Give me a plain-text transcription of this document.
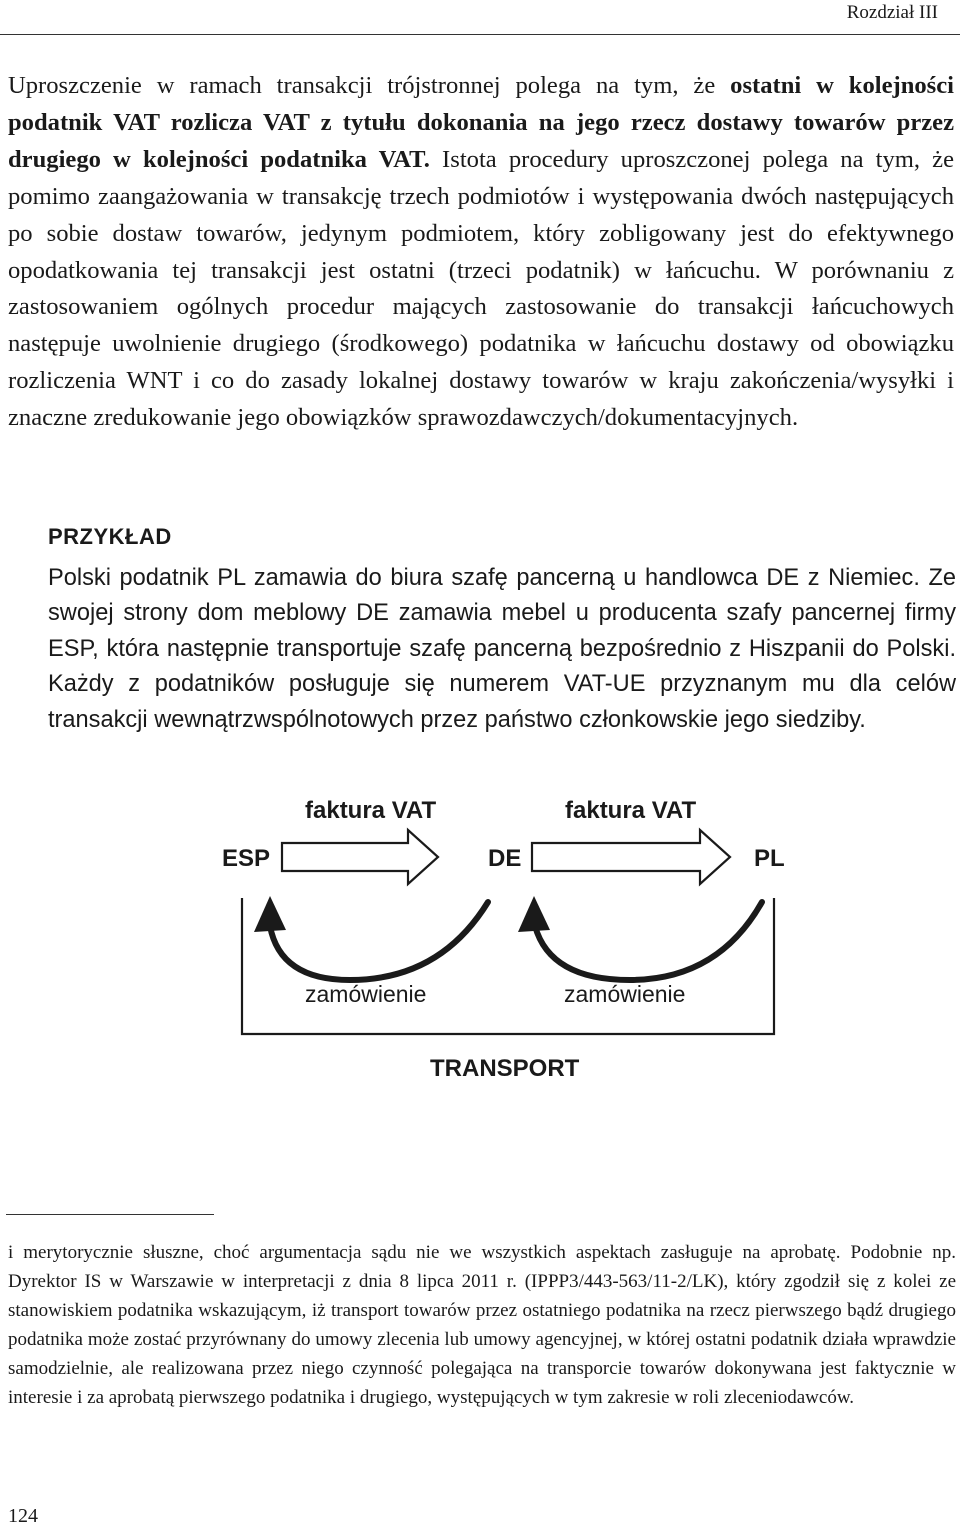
Rozdział III

Uproszczenie w ramach transakcji trójstronnej polega na tym, że ostatni w kolejności podatnik VAT rozlicza VAT z tytułu dokonania na jego rzecz dostawy towarów przez drugiego w kolejności podatnika VAT. Istota procedury uproszczonej polega na tym, że pomimo zaangażowania w transakcję trzech podmiotów i występowania dwóch następujących po sobie dostaw towarów, jedynym podmiotem, który zobligowany jest do efektywnego opodatkowania tej transakcji jest ostatni (trzeci podatnik) w łańcuchu. W porównaniu z zastosowaniem ogólnych procedur mających zastosowanie do transakcji łańcuchowych następuje uwolnienie drugiego (środkowego) podatnika w łańcuchu dostawy od obowiązku rozliczenia WNT i co do zasady lokalnej dostawy towarów w kraju zakończenia/wysyłki i znaczne zredukowanie jego obowiązków sprawozdawczych/dokumentacyjnych.

PRZYKŁAD

Polski podatnik PL zamawia do biura szafę pancerną u handlowca DE z Niemiec. Ze swojej strony dom meblowy DE zamawia mebel u producenta szafy pancernej firmy ESP, która następnie transportuje szafę pancerną bezpośrednio z Hiszpanii do Polski. Każdy z podatników posługuje się numerem VAT-UE przyznanym mu dla celów transakcji wewnątrzwspólnotowych przez państwo członkowskie jego siedziby.

faktura VAT	faktura VAT
ESP	DE	PL
zamówienie	zamówienie
TRANSPORT

i merytorycznie słuszne, choć argumentacja sądu nie we wszystkich aspektach zasługuje na aprobatę. Podobnie np. Dyrektor IS w Warszawie w interpretacji z dnia 8 lipca 2011 r. (IPPP3/443-563/11-2/LK), który zgodził się z kolei ze stanowiskiem podatnika wskazującym, iż transport towarów przez ostatniego podatnika na rzecz pierwszego bądź drugiego podatnika może zostać przyrównany do umowy zlecenia lub umowy agencyjnej, w której ostatni podatnik działa wprawdzie samodzielnie, ale realizowana przez niego czynność polegająca na transporcie towarów dokonywana jest faktycznie w interesie i za aprobatą pierwszego podatnika i drugiego, występujących w tym zakresie w roli zleceniodawców.

124
